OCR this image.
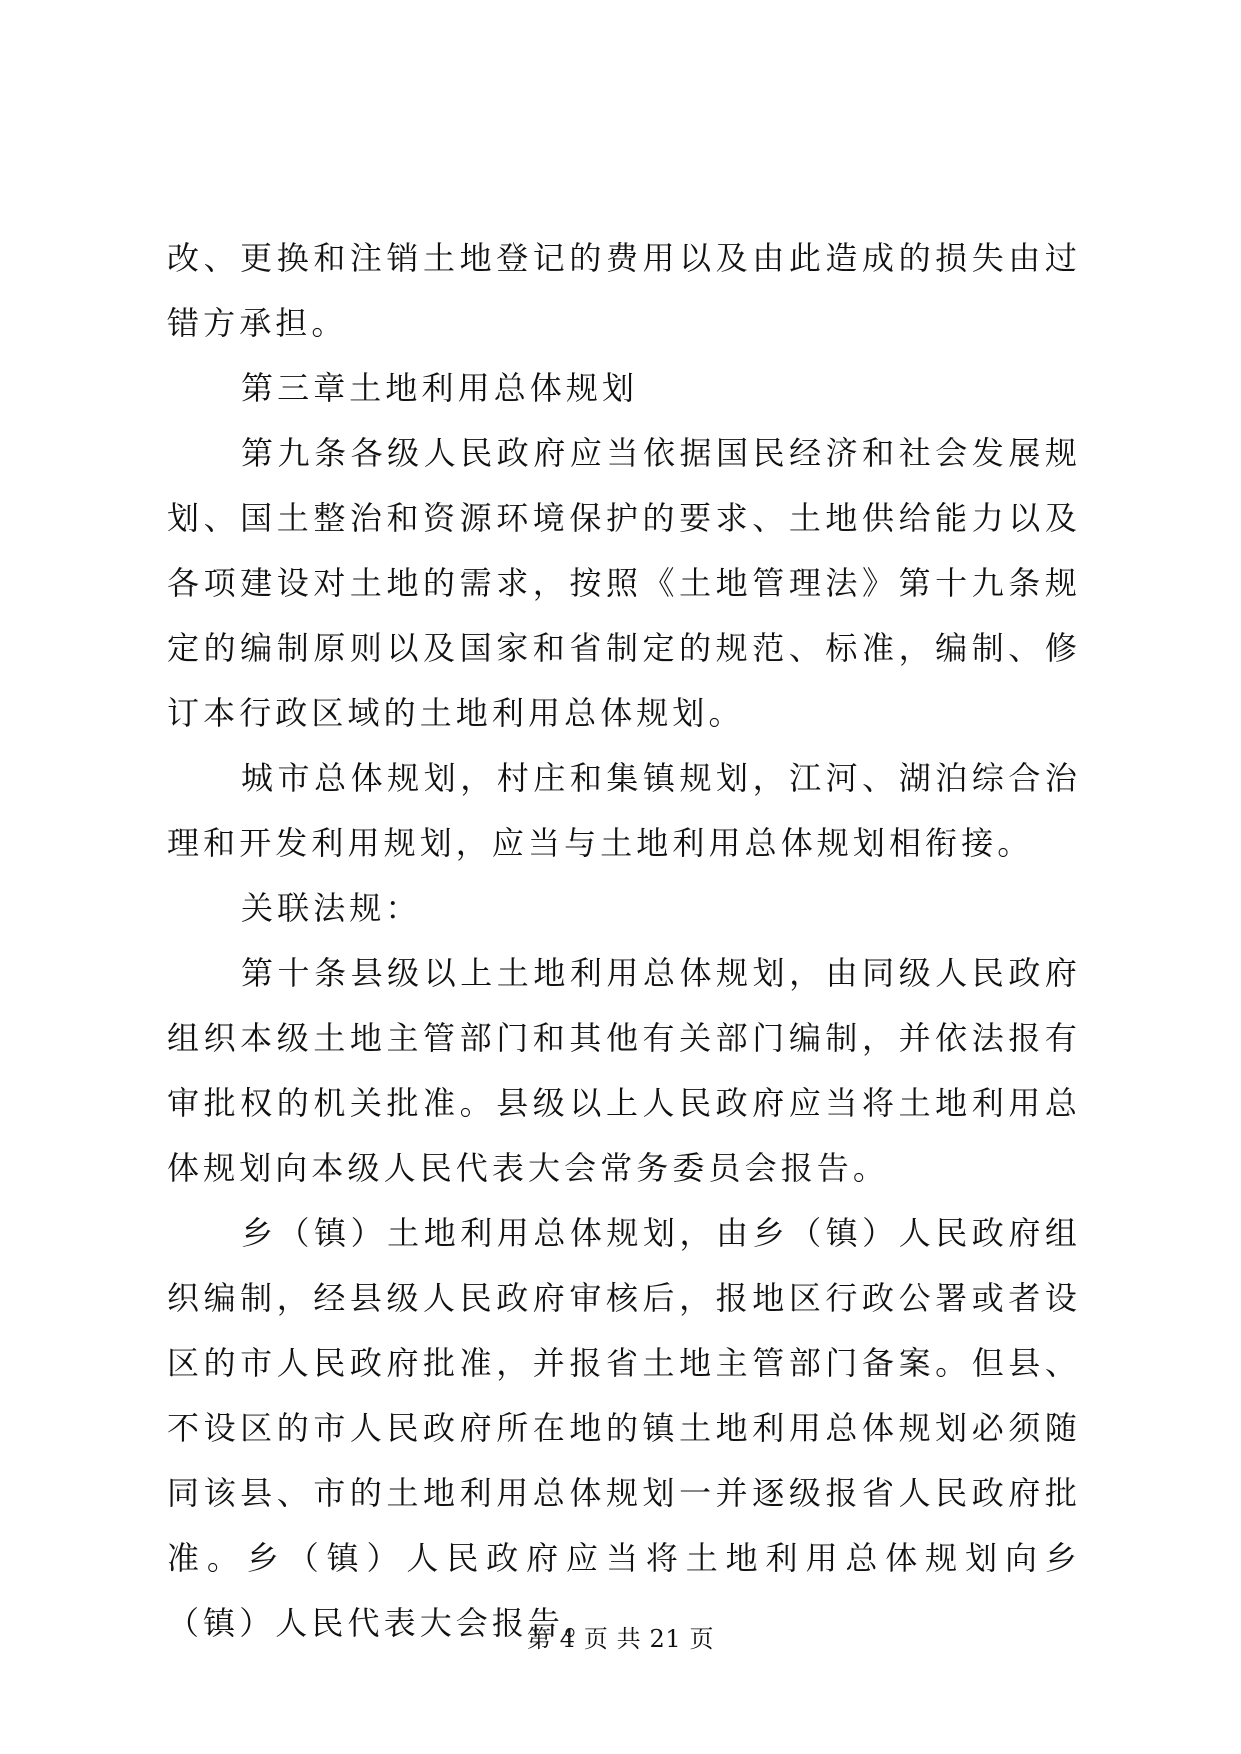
改、更换和注销土地登记的费用以及由此造成的损失由过错方承担。

第三章土地利用总体规划

第九条各级人民政府应当依据国民经济和社会发展规划、国土整治和资源环境保护的要求、土地供给能力以及各项建设对土地的需求，按照《土地管理法》第十九条规定的编制原则以及国家和省制定的规范、标准，编制、修订本行政区域的土地利用总体规划。

城市总体规划，村庄和集镇规划，江河、湖泊综合治理和开发利用规划，应当与土地利用总体规划相衔接。

关联法规：

第十条县级以上土地利用总体规划，由同级人民政府组织本级土地主管部门和其他有关部门编制，并依法报有审批权的机关批准。县级以上人民政府应当将土地利用总体规划向本级人民代表大会常务委员会报告。

乡（镇）土地利用总体规划，由乡（镇）人民政府组织编制，经县级人民政府审核后，报地区行政公署或者设区的市人民政府批准，并报省土地主管部门备案。但县、不设区的市人民政府所在地的镇土地利用总体规划必须随同该县、市的土地利用总体规划一并逐级报省人民政府批准。乡（镇）人民政府应当将土地利用总体规划向乡（镇）人民代表大会报告。

第 4 页 共 21 页
